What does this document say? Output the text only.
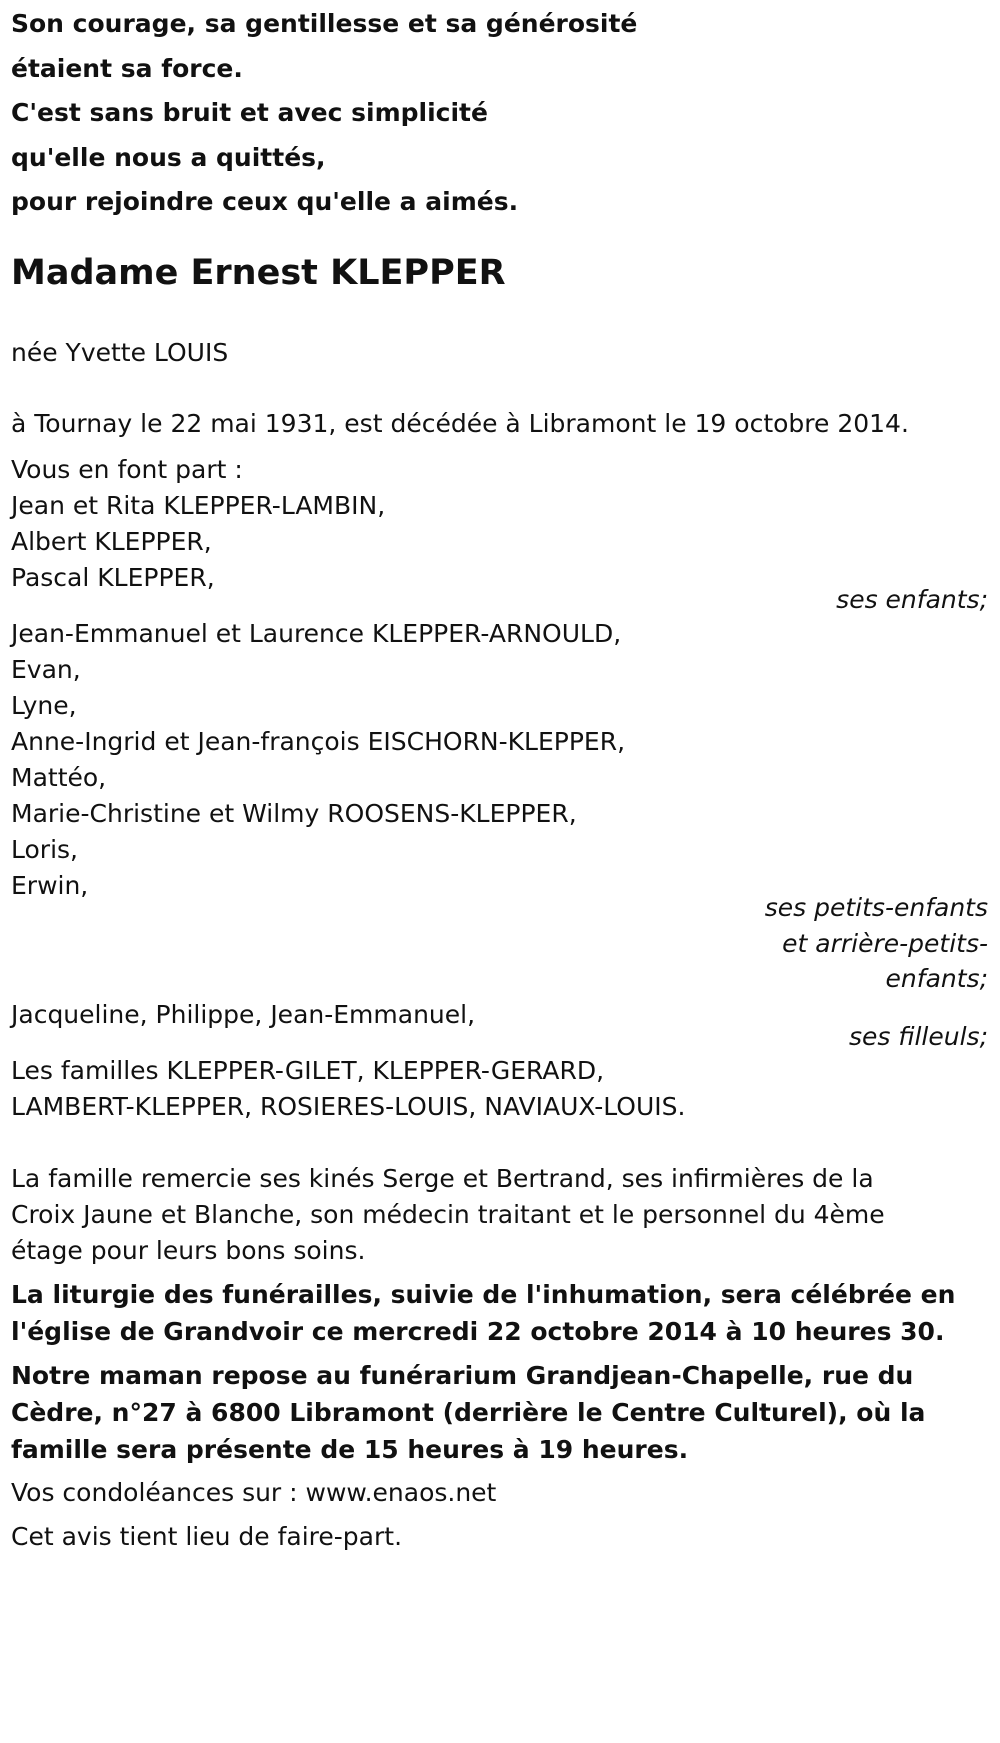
Son courage, sa gentillesse et sa générosité
étaient sa force.
C'est sans bruit et avec simplicité
qu'elle nous a quittés,
pour rejoindre ceux qu'elle a aimés.
Madame Ernest KLEPPER
née Yvette LOUIS
à Tournay le 22 mai 1931, est décédée à Libramont le 19 octobre 2014.
Vous en font part :
Jean et Rita KLEPPER-LAMBIN,
Albert KLEPPER,
Pascal KLEPPER,
ses enfants;
Jean-Emmanuel et Laurence KLEPPER-ARNOULD,
Evan,
Lyne,
Anne-Ingrid et Jean-françois EISCHORN-KLEPPER,
Mattéo,
Marie-Christine et Wilmy ROOSENS-KLEPPER,
Loris,
Erwin,
ses petits-enfants
et arrière-petits-
enfants;
Jacqueline, Philippe, Jean-Emmanuel,
ses filleuls;
Les familles KLEPPER-GILET, KLEPPER-GERARD,
LAMBERT-KLEPPER, ROSIERES-LOUIS, NAVIAUX-LOUIS.
La famille remercie ses kinés Serge et Bertrand, ses infirmières de la
Croix Jaune et Blanche, son médecin traitant et le personnel du 4ème
étage pour leurs bons soins.
La liturgie des funérailles, suivie de l'inhumation, sera célébrée en
l'église de Grandvoir ce mercredi 22 octobre 2014 à 10 heures 30.
Notre maman repose au funérarium Grandjean-Chapelle, rue du
Cèdre, n°27 à 6800 Libramont (derrière le Centre Culturel), où la
famille sera présente de 15 heures à 19 heures.
Vos condoléances sur : www.enaos.net
Cet avis tient lieu de faire-part.
